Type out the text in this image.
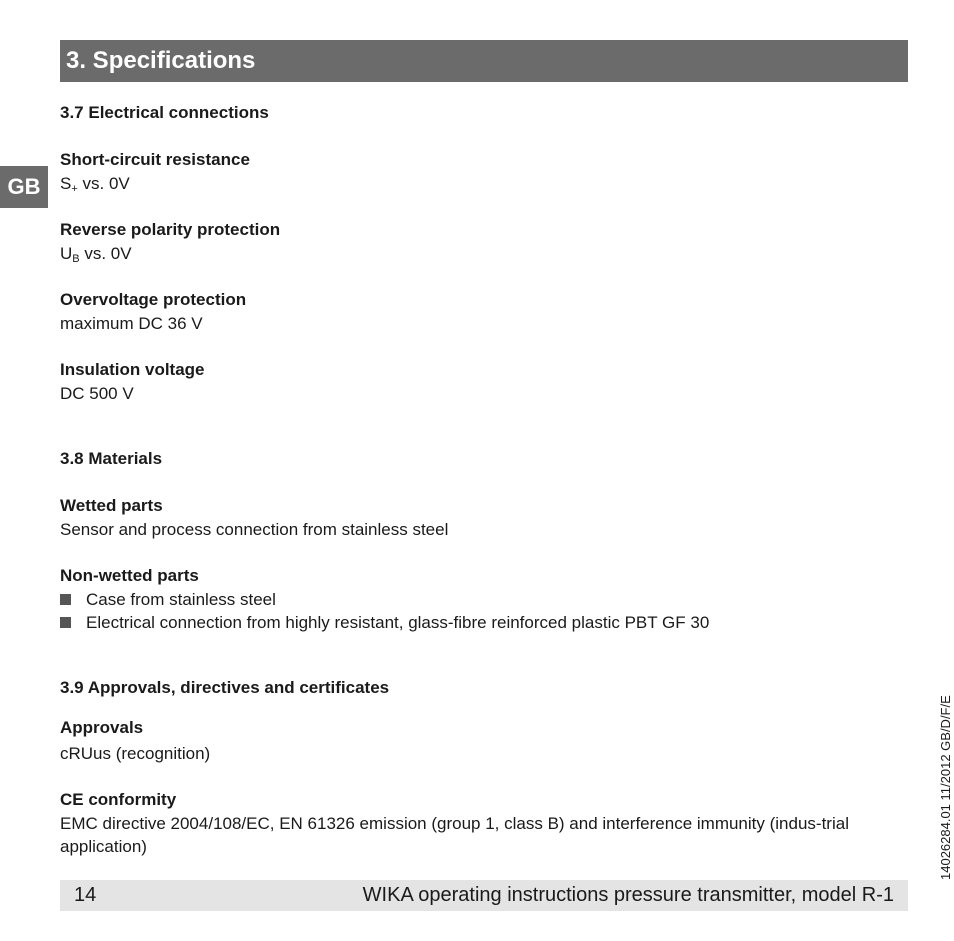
3. Specifications
GB
3.7 Electrical connections
Short-circuit resistance
S+ vs. 0V
Reverse polarity protection
UB vs. 0V
Overvoltage protection
maximum DC 36 V
Insulation voltage
DC 500 V
3.8 Materials
Wetted parts
Sensor and process connection from stainless steel
Non-wetted parts
Case from stainless steel
Electrical connection from highly resistant, glass-fibre reinforced plastic PBT GF 30
3.9 Approvals, directives and certificates
Approvals
cRUus (recognition)
CE conformity
EMC directive 2004/108/EC, EN 61326 emission (group 1, class B) and interference immunity (indus-trial application)
14	WIKA operating instructions pressure transmitter, model R-1
14026284.01 11/2012 GB/D/F/E
